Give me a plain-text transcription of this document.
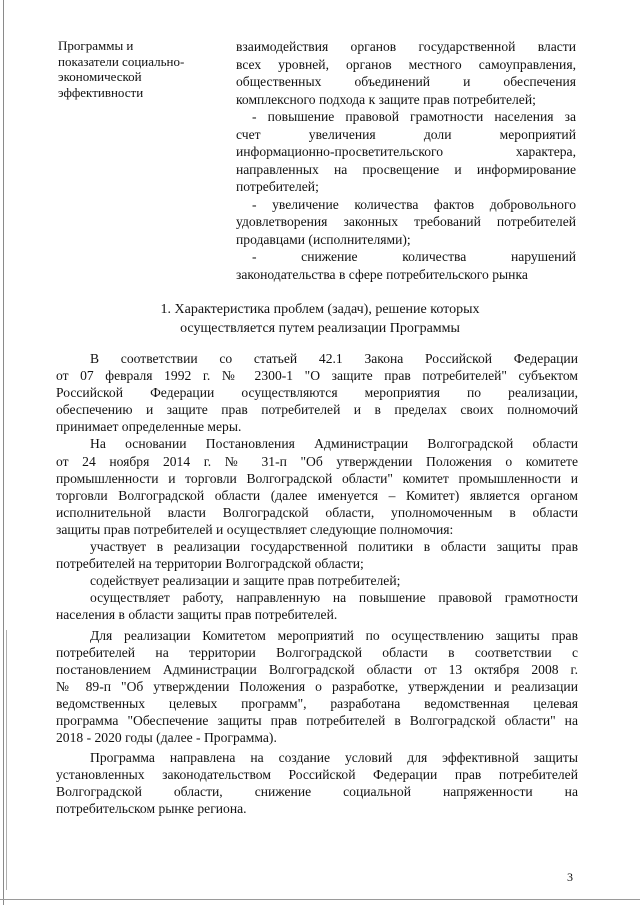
Программы и
показатели социально-
экономической
эффективности
взаимодействия органов государственной власти
всех уровней, органов местного самоуправления,
общественных объединений и обеспечения
комплексного подхода к защите прав потребителей;
- повышение правовой грамотности населения за
счет увеличения доли мероприятий
информационно-просветительского характера,
направленных на просвещение и информирование
потребителей;
- увеличение количества фактов добровольного
удовлетворения законных требований потребителей
продавцами (исполнителями);
- снижение количества нарушений
законодательства в сфере потребительского рынка
1. Характеристика проблем (задач), решение которых
осуществляется путем реализации Программы
В соответствии со статьей 42.1 Закона Российской Федерации
от 07 февраля 1992 г. № 2300-1 "О защите прав потребителей" субъектом
Российской Федерации осуществляются мероприятия по реализации,
обеспечению и защите прав потребителей и в пределах своих полномочий
принимает определенные меры.
На основании Постановления Администрации Волгоградской области
от 24 ноября 2014 г. № 31-п "Об утверждении Положения о комитете
промышленности и торговли Волгоградской области" комитет промышленности и
торговли Волгоградской области (далее именуется – Комитет) является органом
исполнительной власти Волгоградской области, уполномоченным в области
защиты прав потребителей и осуществляет следующие полномочия:
участвует в реализации государственной политики в области защиты прав
потребителей на территории Волгоградской области;
содействует реализации и защите прав потребителей;
осуществляет работу, направленную на повышение правовой грамотности
населения в области защиты прав потребителей.
Для реализации Комитетом мероприятий по осуществлению защиты прав
потребителей на территории Волгоградской области в соответствии с
постановлением Администрации Волгоградской области от 13 октября 2008 г.
№ 89-п "Об утверждении Положения о разработке, утверждении и реализации
ведомственных целевых программ", разработана ведомственная целевая
программа "Обеспечение защиты прав потребителей в Волгоградской области" на
2018 - 2020 годы (далее - Программа).
Программа направлена на создание условий для эффективной защиты
установленных законодательством Российской Федерации прав потребителей
Волгоградской области, снижение социальной напряженности на
потребительском рынке региона.
3
